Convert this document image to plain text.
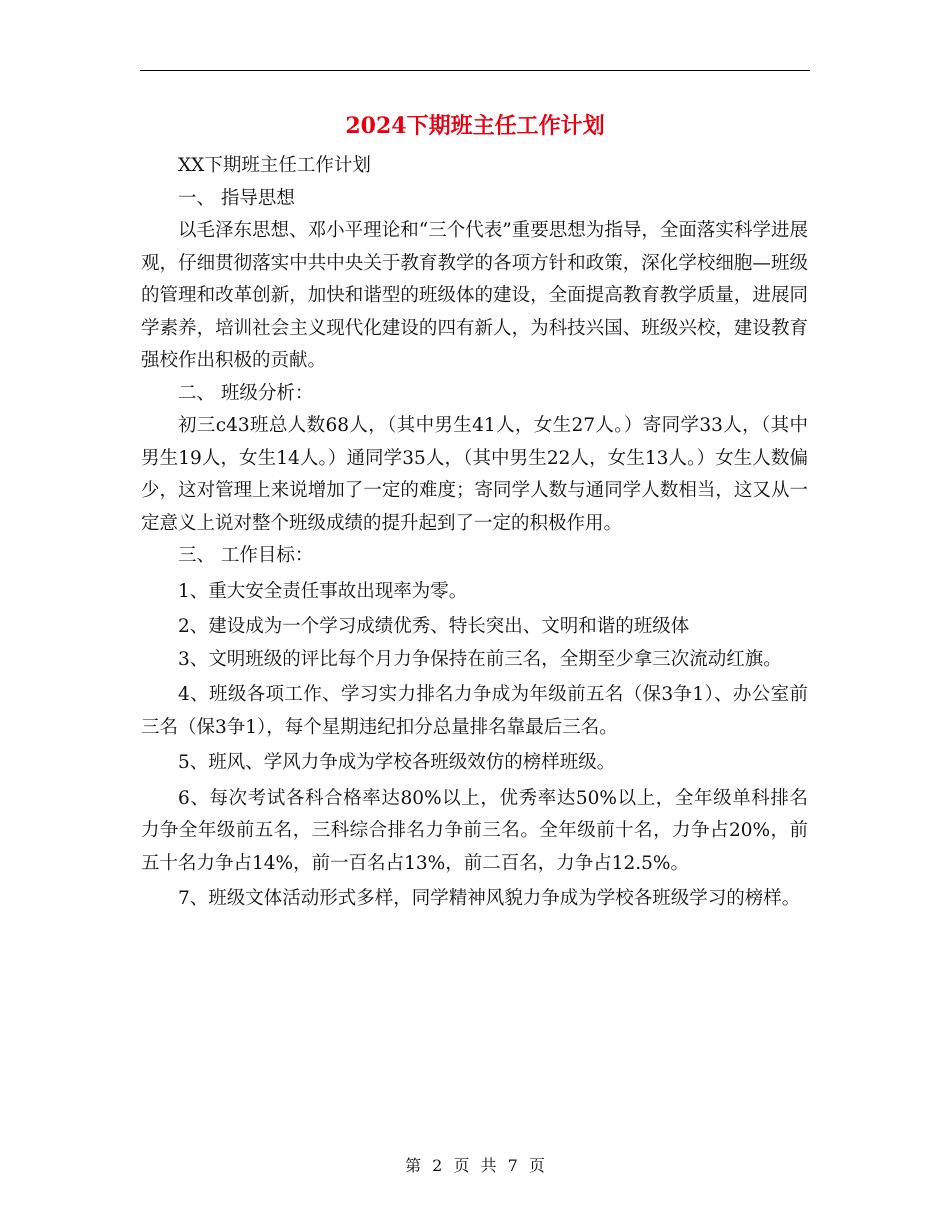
2024下期班主任工作计划

XX下期班主任工作计划

一、 指导思想

以毛泽东思想、邓小平理论和“三个代表”重要思想为指导，全面落实科学进展观，仔细贯彻落实中共中央关于教育教学的各项方针和政策，深化学校细胞—班级的管理和改革创新，加快和谐型的班级体的建设，全面提高教育教学质量，进展同学素养，培训社会主义现代化建设的四有新人，为科技兴国、班级兴校，建设教育强校作出积极的贡献。

二、 班级分析：

初三c43班总人数68人，（其中男生41人，女生27人。）寄同学33人，（其中男生19人，女生14人。）通同学35人，（其中男生22人，女生13人。）女生人数偏少，这对管理上来说增加了一定的难度；寄同学人数与通同学人数相当，这又从一定意义上说对整个班级成绩的提升起到了一定的积极作用。

三、 工作目标：

1、重大安全责任事故出现率为零。

2、建设成为一个学习成绩优秀、特长突出、文明和谐的班级体

3、文明班级的评比每个月力争保持在前三名，全期至少拿三次流动红旗。

4、班级各项工作、学习实力排名力争成为年级前五名（保3争1）、办公室前三名（保3争1），每个星期违纪扣分总量排名靠最后三名。

5、班风、学风力争成为学校各班级效仿的榜样班级。

6、每次考试各科合格率达80%以上，优秀率达50%以上，全年级单科排名力争全年级前五名，三科综合排名力争前三名。全年级前十名，力争占20%，前五十名力争占14%，前一百名占13%，前二百名，力争占12.5%。

7、班级文体活动形式多样，同学精神风貌力争成为学校各班级学习的榜样。

第 2 页 共 7 页
